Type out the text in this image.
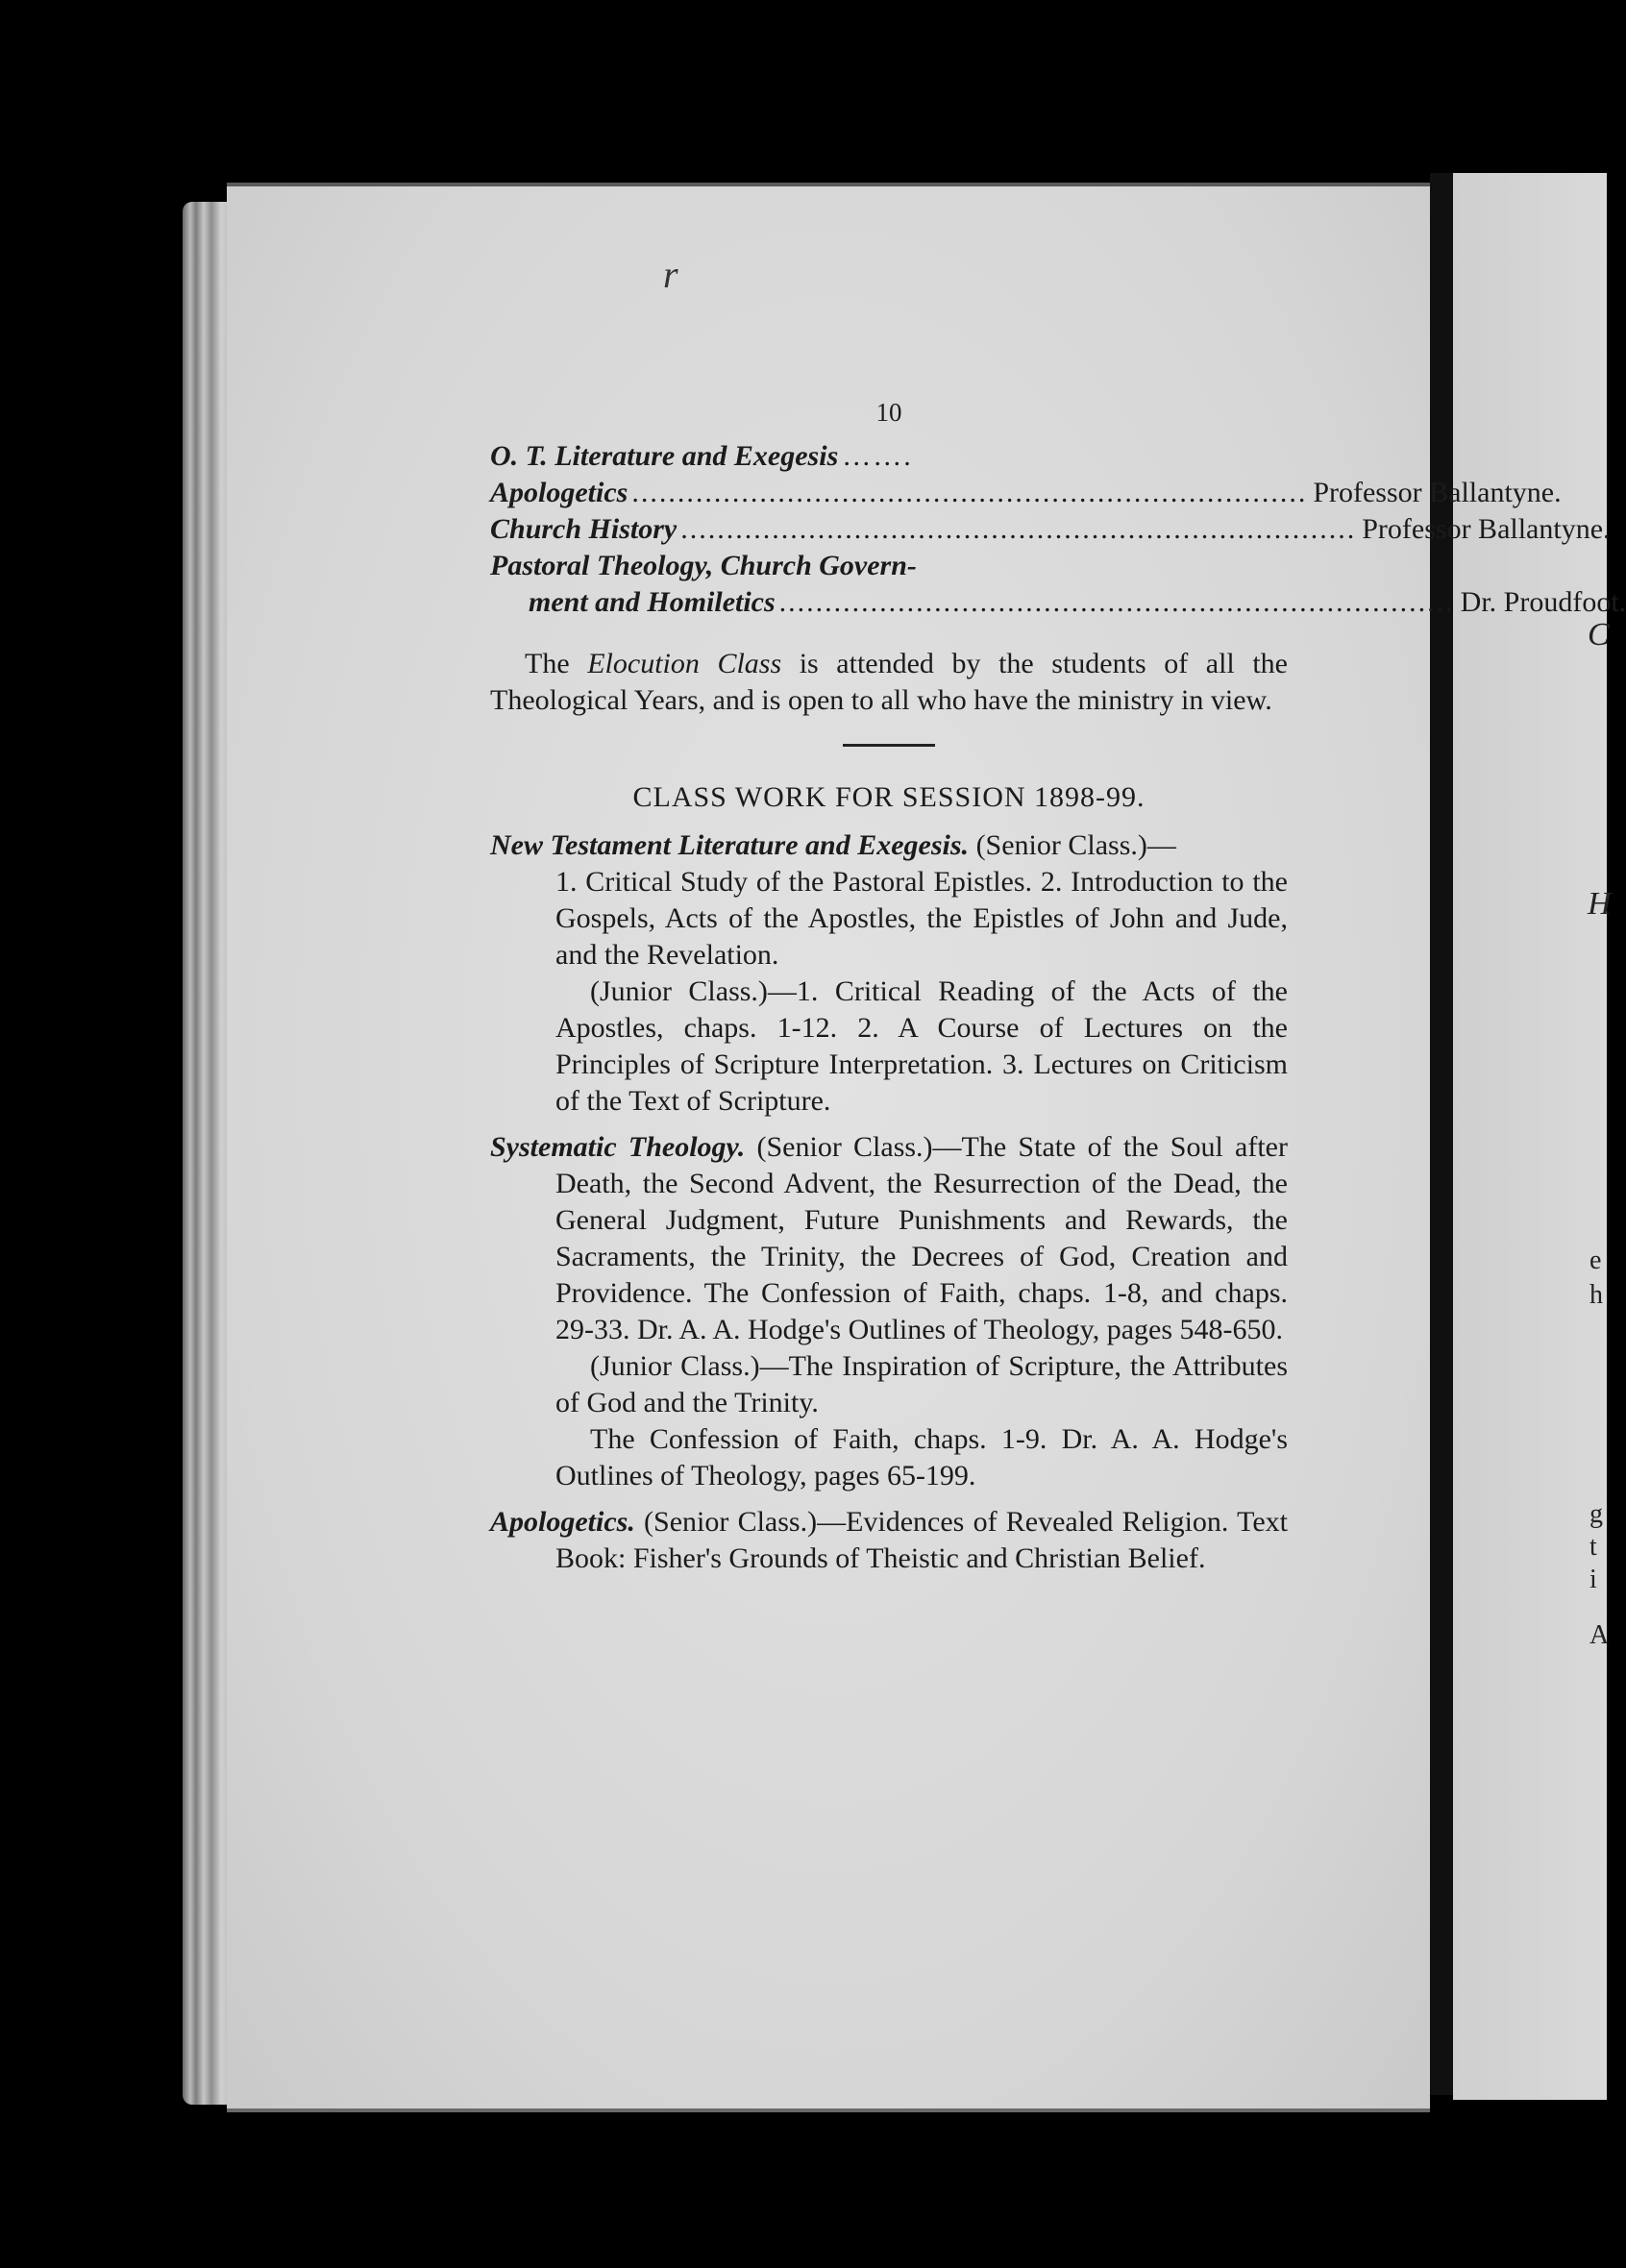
r
C
H
e
h
g
t
i
A
10
O. T. Literature and Exegesis …….
Apologetics .......................................................................... Professor Ballantyne.
Church History .......................................................................... Professor Ballantyne.
Pastoral Theology, Church Govern-
ment and Homiletics .......................................................................... Dr. Proudfoot.
The Elocution Class is attended by the students of all the Theological Years, and is open to all who have the ministry in view.
CLASS WORK FOR SESSION 1898-99.
New Testament Literature and Exegesis. (Senior Class.)—
1. Critical Study of the Pastoral Epistles. 2. Introduction to the Gospels, Acts of the Apostles, the Epistles of John and Jude, and the Revelation.
(Junior Class.)—1. Critical Reading of the Acts of the Apostles, chaps. 1-12. 2. A Course of Lectures on the Principles of Scripture Interpretation. 3. Lectures on Criticism of the Text of Scripture.
Systematic Theology. (Senior Class.)—The State of the Soul after Death, the Second Advent, the Resurrection of the Dead, the General Judgment, Future Punishments and Rewards, the Sacraments, the Trinity, the Decrees of God, Creation and Providence. The Confession of Faith, chaps. 1-8, and chaps. 29-33. Dr. A. A. Hodge's Outlines of Theology, pages 548-650.
(Junior Class.)—The Inspiration of Scripture, the Attributes of God and the Trinity.
The Confession of Faith, chaps. 1-9. Dr. A. A. Hodge's Outlines of Theology, pages 65-199.
Apologetics. (Senior Class.)—Evidences of Revealed Religion. Text Book: Fisher's Grounds of Theistic and Christian Belief.
